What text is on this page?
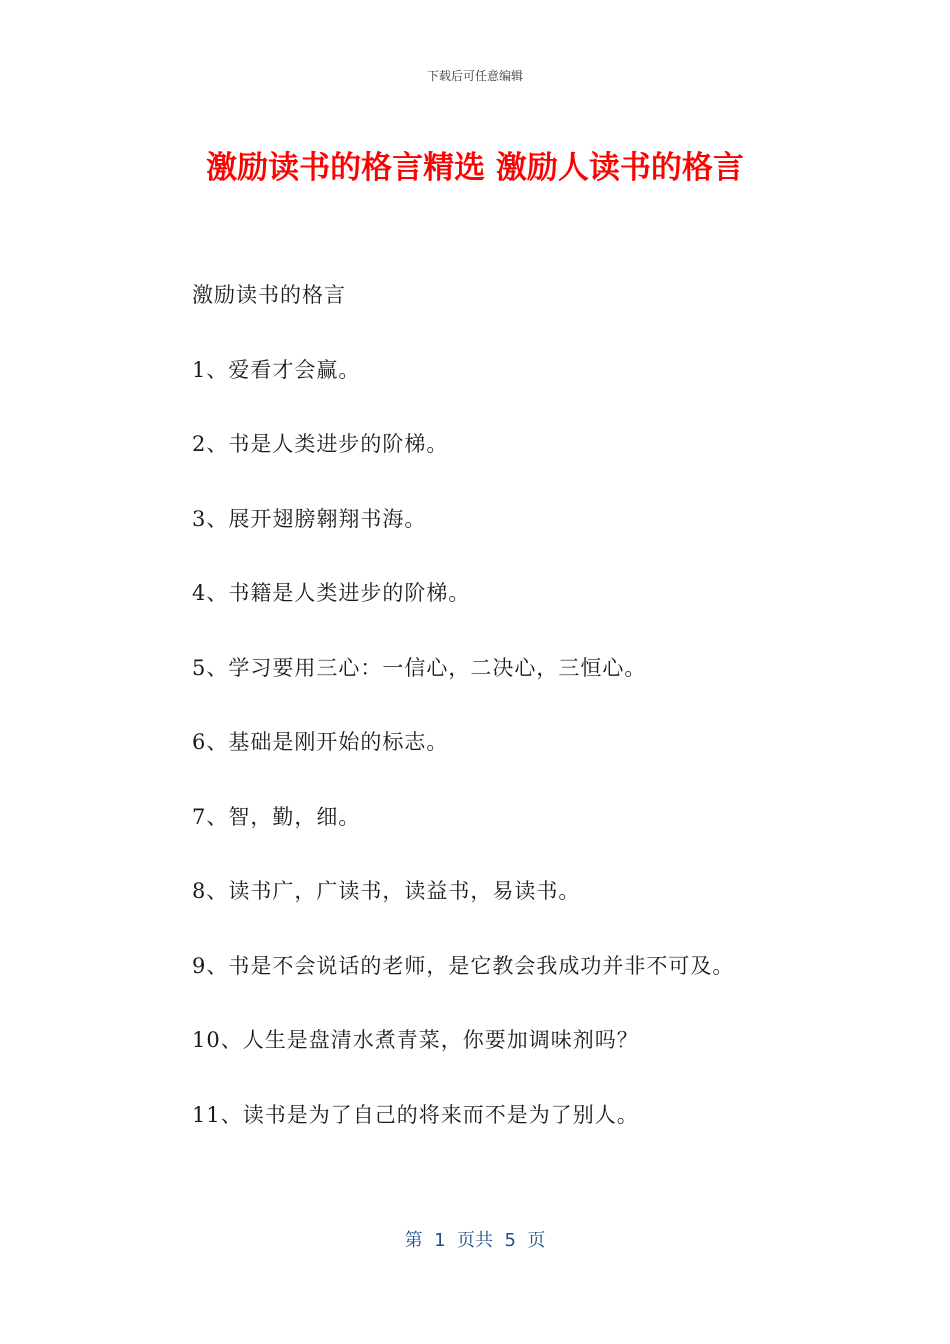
下载后可任意编辑
激励读书的格言精选 激励人读书的格言
激励读书的格言
1、爱看才会赢。
2、书是人类进步的阶梯。
3、展开翅膀翱翔书海。
4、书籍是人类进步的阶梯。
5、学习要用三心：一信心，二决心，三恒心。
6、基础是刚开始的标志。
7、智，勤，细。
8、读书广，广读书，读益书，易读书。
9、书是不会说话的老师，是它教会我成功并非不可及。
10、人生是盘清水煮青菜，你要加调味剂吗？
11、读书是为了自己的将来而不是为了别人。
第  1  页共  5  页
